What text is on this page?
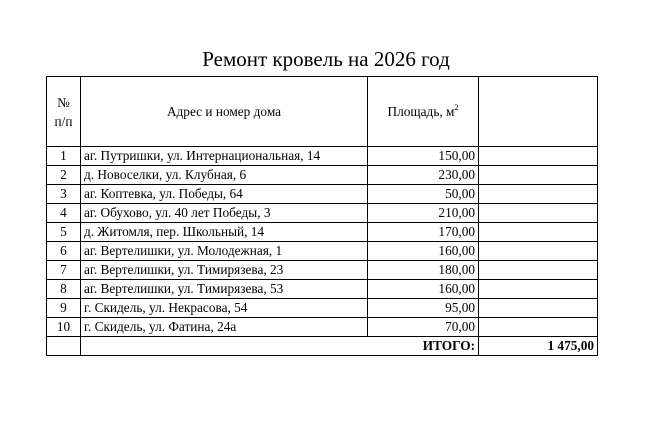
Ремонт кровель на 2026 год
№
п/п	Адрес и номер дома	Площадь, $м^2$	
1	аг. Путришки, ул. Интернациональная, 14	150,00	
2	д. Новоселки, ул. Клубная, 6	230,00	
3	аг. Коптевка, ул. Победы, 64	50,00	
4	аг. Обухово, ул. 40 лет Победы, 3	210,00	
5	д. Житомля, пер. Школьный, 14	170,00	
6	аг. Вертелишки, ул. Молодежная, 1	160,00	
7	аг. Вертелишки, ул. Тимирязева, 23	180,00	
8	аг. Вертелишки, ул. Тимирязева, 53	160,00	
9	г. Скидель, ул. Некрасова, 54	95,00	
10	г. Скидель, ул. Фатина, 24а	70,00	
	ИТОГО:		1 475,00
